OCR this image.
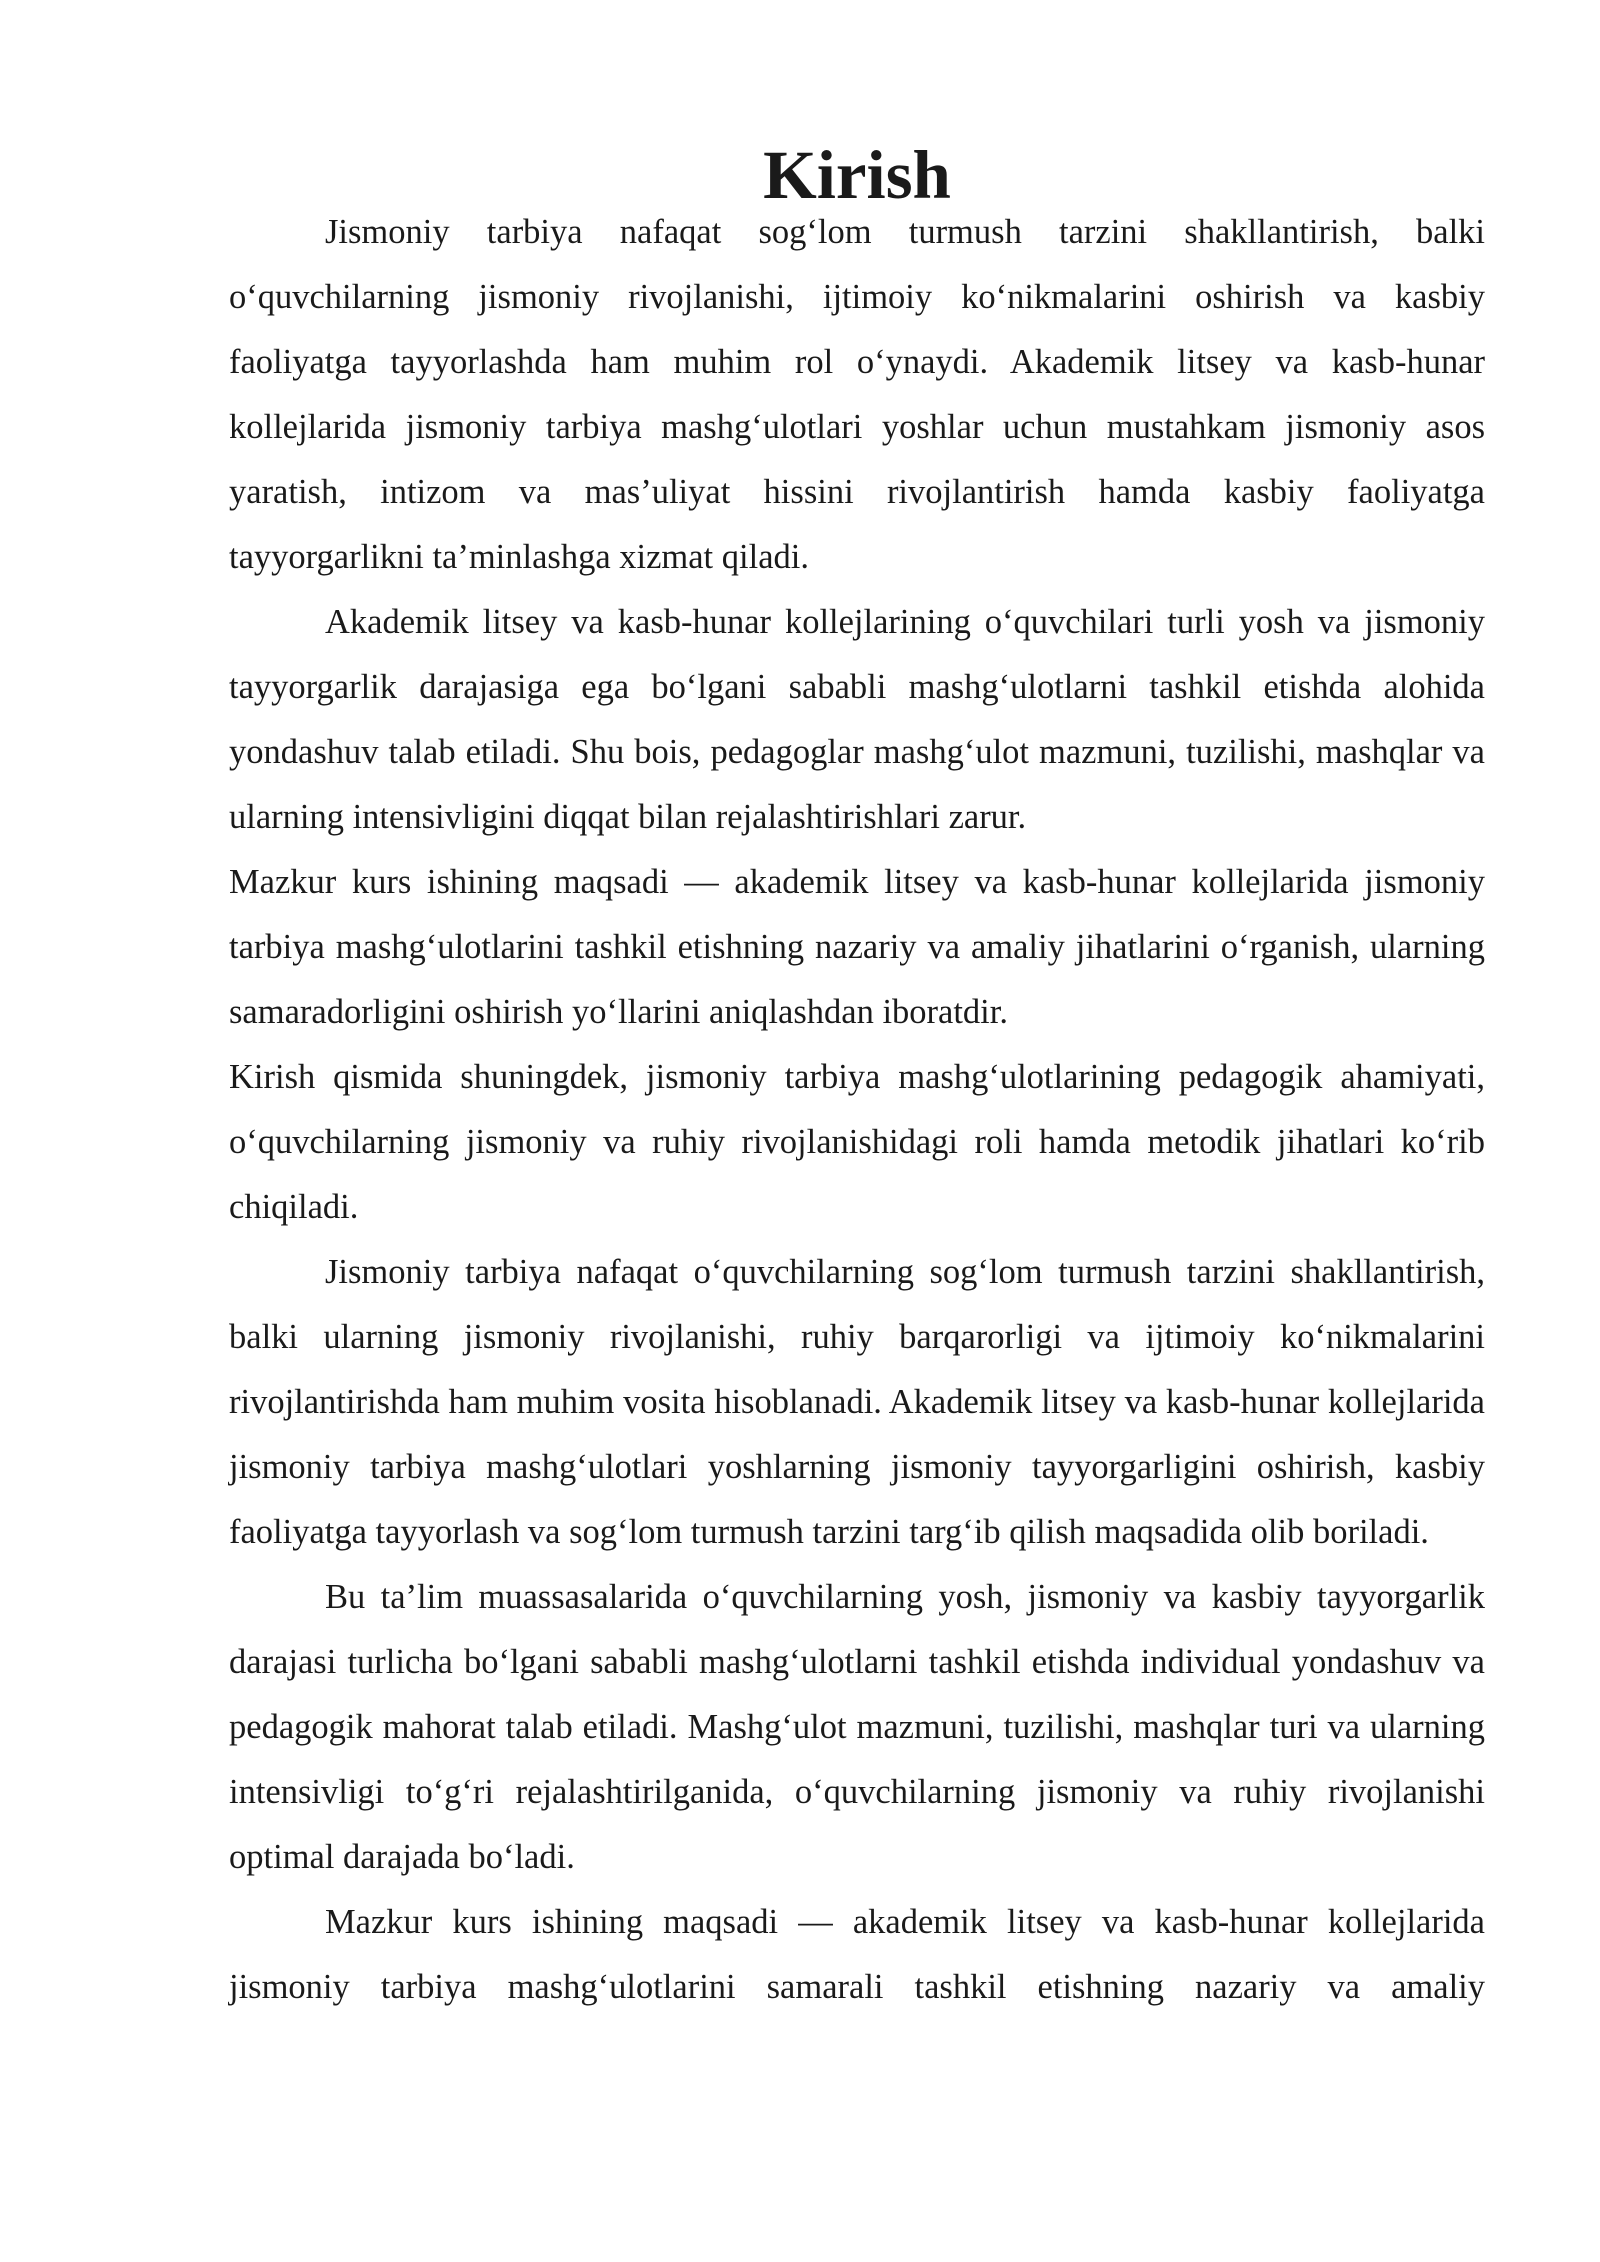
Kirish

Jismoniy tarbiya nafaqat sog‘lom turmush tarzini shakllantirish, balki o‘quvchilarning jismoniy rivojlanishi, ijtimoiy ko‘nikmalarini oshirish va kasbiy faoliyatga tayyorlashda ham muhim rol o‘ynaydi. Akademik litsey va kasb-hunar kollejlarida jismoniy tarbiya mashg‘ulotlari yoshlar uchun mustahkam jismoniy asos yaratish, intizom va mas’uliyat hissini rivojlantirish hamda kasbiy faoliyatga tayyorgarlikni ta’minlashga xizmat qiladi.

Akademik litsey va kasb-hunar kollejlarining o‘quvchilari turli yosh va jismoniy tayyorgarlik darajasiga ega bo‘lgani sababli mashg‘ulotlarni tashkil etishda alohida yondashuv talab etiladi. Shu bois, pedagoglar mashg‘ulot mazmuni, tuzilishi, mashqlar va ularning intensivligini diqqat bilan rejalashtirishlari zarur.

Mazkur kurs ishining maqsadi — akademik litsey va kasb-hunar kollejlarida jismoniy tarbiya mashg‘ulotlarini tashkil etishning nazariy va amaliy jihatlarini o‘rganish, ularning samaradorligini oshirish yo‘llarini aniqlashdan iboratdir.

Kirish qismida shuningdek, jismoniy tarbiya mashg‘ulotlarining pedagogik ahamiyati, o‘quvchilarning jismoniy va ruhiy rivojlanishidagi roli hamda metodik jihatlari ko‘rib chiqiladi.

Jismoniy tarbiya nafaqat o‘quvchilarning sog‘lom turmush tarzini shakllantirish, balki ularning jismoniy rivojlanishi, ruhiy barqarorligi va ijtimoiy ko‘nikmalarini rivojlantirishda ham muhim vosita hisoblanadi. Akademik litsey va kasb-hunar kollejlarida jismoniy tarbiya mashg‘ulotlari yoshlarning jismoniy tayyorgarligini oshirish, kasbiy faoliyatga tayyorlash va sog‘lom turmush tarzini targ‘ib qilish maqsadida olib boriladi.

Bu ta’lim muassasalarida o‘quvchilarning yosh, jismoniy va kasbiy tayyorgarlik darajasi turlicha bo‘lgani sababli mashg‘ulotlarni tashkil etishda individual yondashuv va pedagogik mahorat talab etiladi. Mashg‘ulot mazmuni, tuzilishi, mashqlar turi va ularning intensivligi to‘g‘ri rejalashtirilganida, o‘quvchilarning jismoniy va ruhiy rivojlanishi optimal darajada bo‘ladi.

Mazkur kurs ishining maqsadi — akademik litsey va kasb-hunar kollejlarida jismoniy tarbiya mashg‘ulotlarini samarali tashkil etishning nazariy va amaliy
